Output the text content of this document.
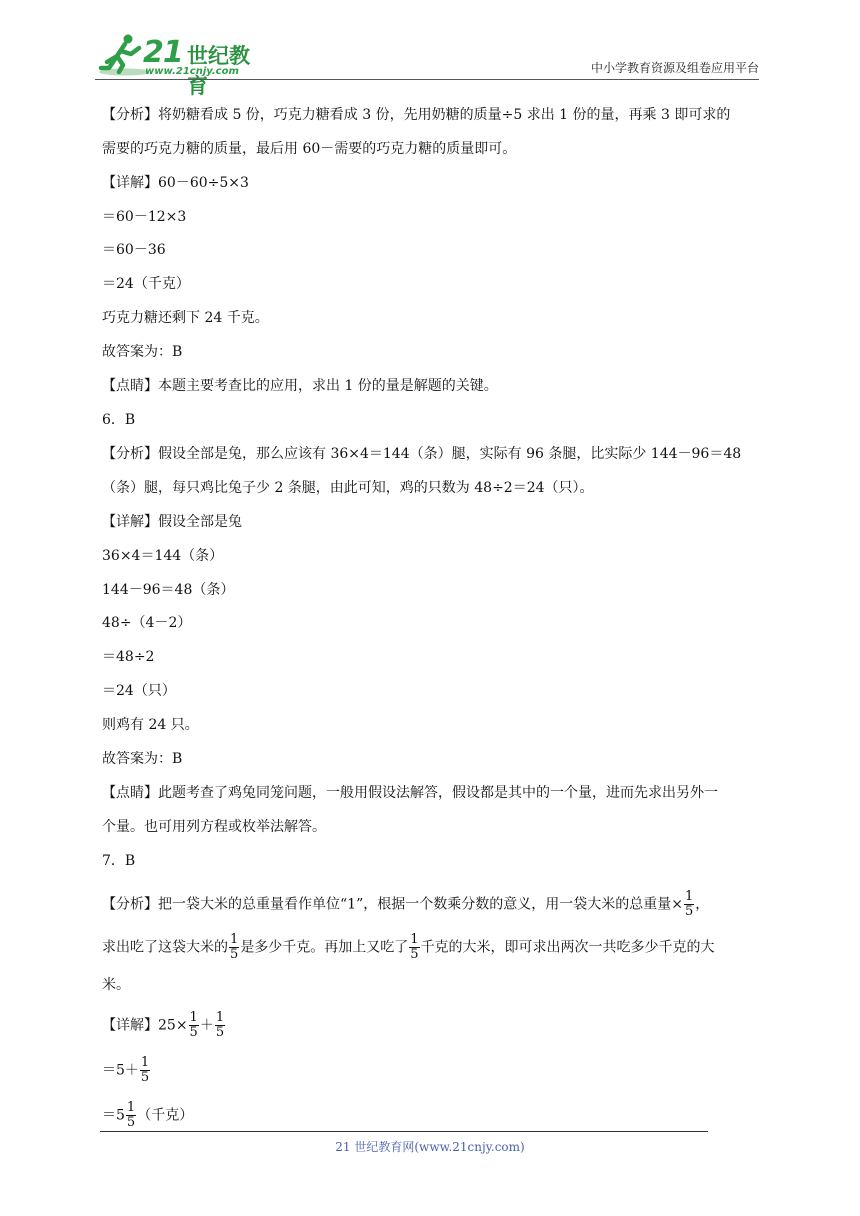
21 世纪教育
www.21cnjy.com	中小学教育资源及组卷应用平台
【分析】将奶糖看成 5 份，巧克力糖看成 3 份，先用奶糖的质量÷5 求出 1 份的量，再乘 3 即可求的
需要的巧克力糖的质量，最后用 60－需要的巧克力糖的质量即可。
【详解】60－60÷5×3
＝60－12×3
＝60－36
＝24（千克）
巧克力糖还剩下 24 千克。
故答案为：B
【点睛】本题主要考查比的应用，求出 1 份的量是解题的关键。
6．B
【分析】假设全部是兔，那么应该有 36×4＝144（条）腿，实际有 96 条腿，比实际少 144－96＝48
（条）腿，每只鸡比兔子少 2 条腿，由此可知，鸡的只数为 48÷2＝24（只）。
【详解】假设全部是兔
36×4＝144（条）
144－96＝48（条）
48÷（4－2）
＝48÷2
＝24（只）
则鸡有 24 只。
故答案为：B
【点睛】此题考查了鸡兔同笼问题，一般用假设法解答，假设都是其中的一个量，进而先求出另外一
个量。也可用列方程或枚举法解答。
7．B
【分析】把一袋大米的总重量看作单位“1”，根据一个数乘分数的意义，用一袋大米的总重量× $\frac{1}{5}$ ，
求出吃了这袋大米的 $\frac{1}{5}$ 是多少千克。再加上又吃了 $\frac{1}{5}$ 千克的大米，即可求出两次一共吃多少千克的大
米。
【详解】$25\times \frac{1}{5} + \frac{1}{5}$
$=5+ \frac{1}{5}$
$=5 \frac{1}{5}$ （千克）
21 世纪教育网(www.21cnjy.com)
